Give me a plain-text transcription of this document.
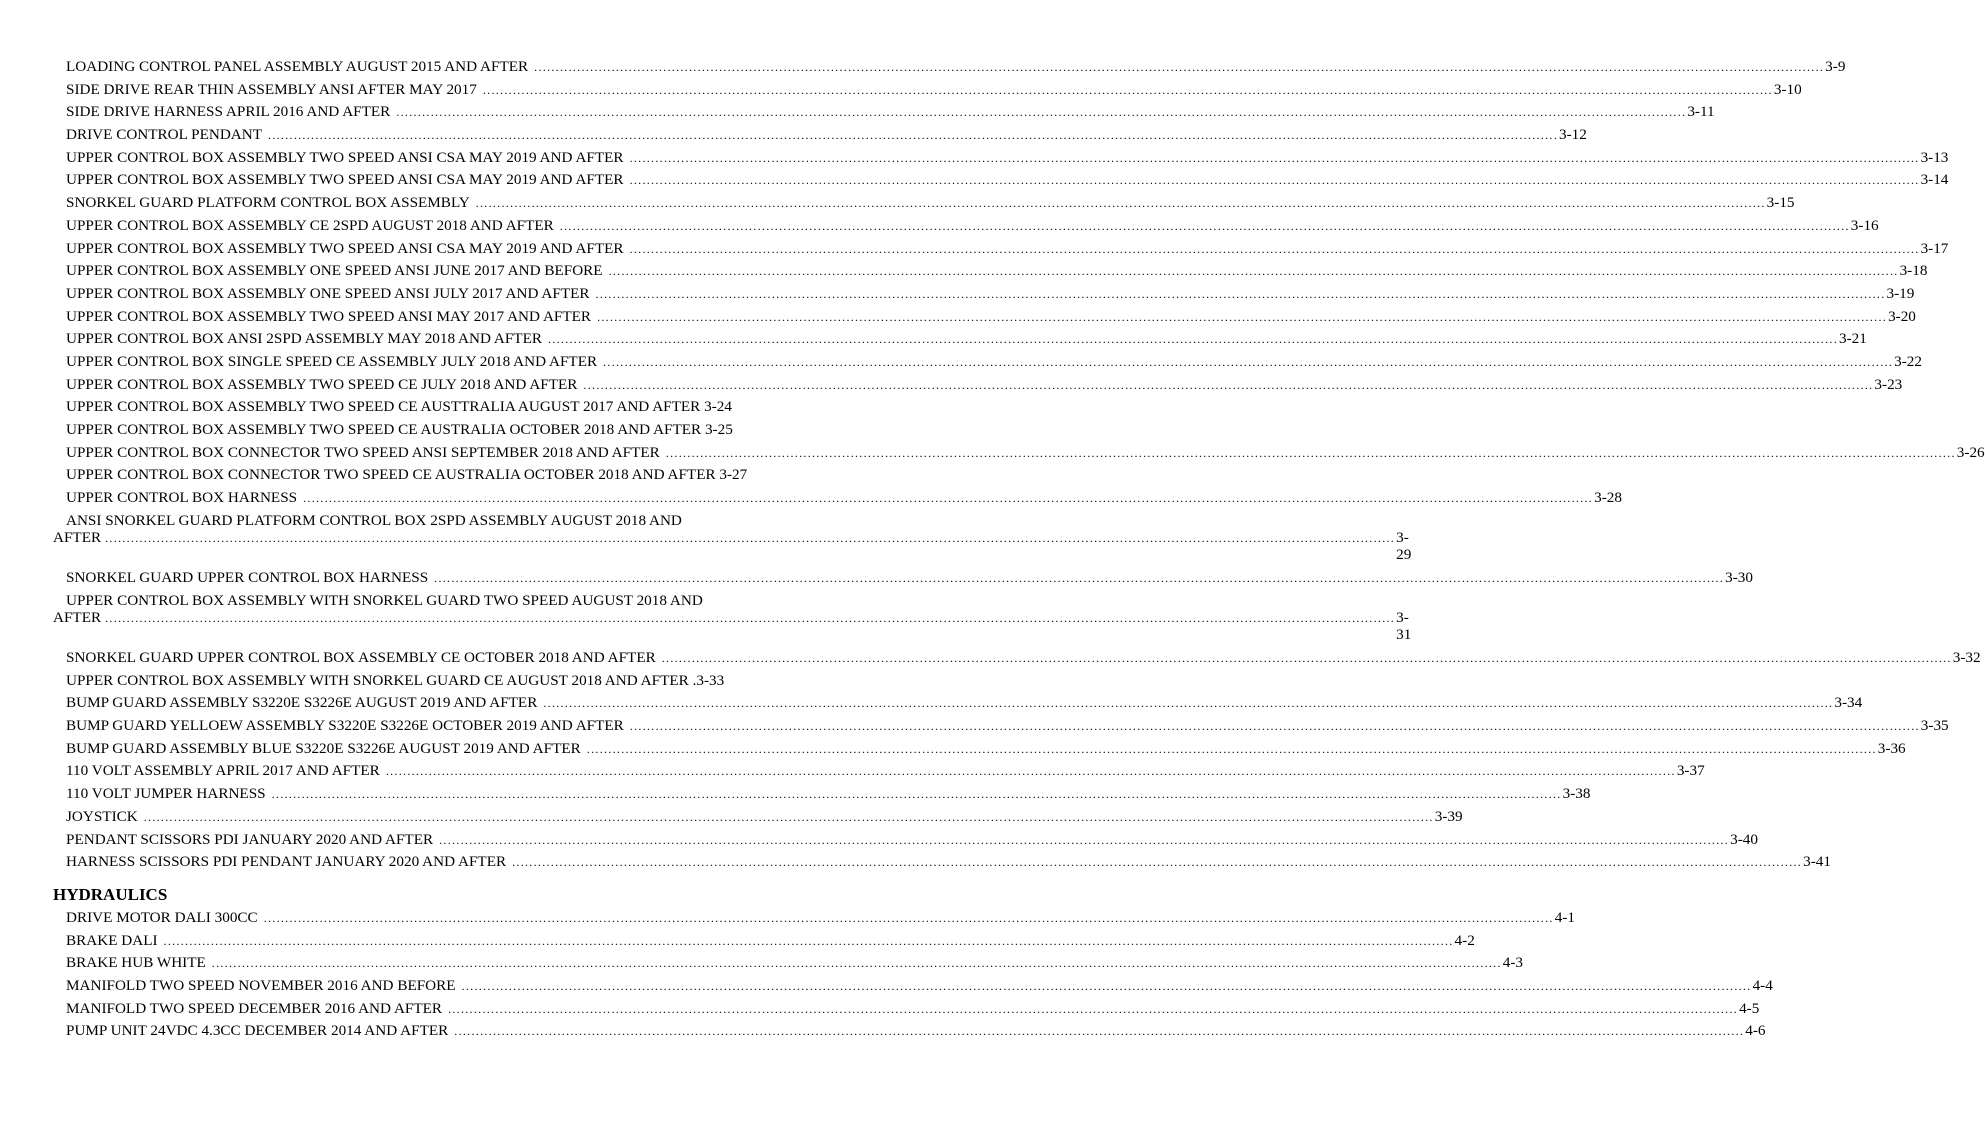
LOADING CONTROL PANEL ASSEMBLY AUGUST 2015 AND AFTER ............................................................................................................................................................................................................................................................................................................ 3-9
SIDE DRIVE REAR THIN ASSEMBLY ANSI AFTER MAY 2017 ............................................................................................................................................................................................................................................................................................................ 3-10
SIDE DRIVE HARNESS APRIL 2016 AND AFTER ............................................................................................................................................................................................................................................................................................................ 3-11
DRIVE CONTROL PENDANT ............................................................................................................................................................................................................................................................................................................ 3-12
UPPER CONTROL BOX ASSEMBLY TWO SPEED ANSI CSA MAY 2019 AND AFTER ............................................................................................................................................................................................................................................................................................................ 3-13
UPPER CONTROL BOX ASSEMBLY TWO SPEED ANSI CSA MAY 2019 AND AFTER ............................................................................................................................................................................................................................................................................................................ 3-14
SNORKEL GUARD PLATFORM CONTROL BOX ASSEMBLY ............................................................................................................................................................................................................................................................................................................ 3-15
UPPER CONTROL BOX ASSEMBLY CE 2SPD AUGUST 2018 AND AFTER ............................................................................................................................................................................................................................................................................................................ 3-16
UPPER CONTROL BOX ASSEMBLY TWO SPEED ANSI CSA MAY 2019 AND AFTER ............................................................................................................................................................................................................................................................................................................ 3-17
UPPER CONTROL BOX ASSEMBLY ONE SPEED ANSI JUNE 2017 AND BEFORE ............................................................................................................................................................................................................................................................................................................ 3-18
UPPER CONTROL BOX ASSEMBLY ONE SPEED ANSI JULY 2017 AND AFTER ............................................................................................................................................................................................................................................................................................................ 3-19
UPPER CONTROL BOX ASSEMBLY TWO SPEED ANSI MAY 2017 AND AFTER ............................................................................................................................................................................................................................................................................................................ 3-20
UPPER CONTROL BOX ANSI 2SPD ASSEMBLY MAY 2018 AND AFTER ............................................................................................................................................................................................................................................................................................................ 3-21
UPPER CONTROL BOX SINGLE SPEED CE ASSEMBLY JULY 2018 AND AFTER ............................................................................................................................................................................................................................................................................................................ 3-22
UPPER CONTROL BOX ASSEMBLY TWO SPEED CE JULY 2018 AND AFTER ............................................................................................................................................................................................................................................................................................................ 3-23
UPPER CONTROL BOX ASSEMBLY TWO SPEED CE AUSTTRALIA AUGUST 2017 AND AFTER 3-24
UPPER CONTROL BOX ASSEMBLY TWO SPEED CE AUSTRALIA OCTOBER 2018 AND AFTER 3-25
UPPER CONTROL BOX CONNECTOR TWO SPEED ANSI SEPTEMBER 2018 AND AFTER ............................................................................................................................................................................................................................................................................................................ 3-26
UPPER CONTROL BOX CONNECTOR TWO SPEED CE AUSTRALIA OCTOBER 2018 AND AFTER 3-27
UPPER CONTROL BOX HARNESS ............................................................................................................................................................................................................................................................................................................ 3-28
ANSI SNORKEL GUARD PLATFORM CONTROL BOX 2SPD ASSEMBLY AUGUST 2018 AND
AFTER ............................................................................................................................................................................................................................................................................................................ 3-29
SNORKEL GUARD UPPER CONTROL BOX HARNESS ............................................................................................................................................................................................................................................................................................................ 3-30
UPPER CONTROL BOX ASSEMBLY WITH SNORKEL GUARD TWO SPEED AUGUST 2018 AND
AFTER ............................................................................................................................................................................................................................................................................................................ 3-31
SNORKEL GUARD UPPER CONTROL BOX ASSEMBLY CE OCTOBER 2018 AND AFTER ............................................................................................................................................................................................................................................................................................................ 3-32
UPPER CONTROL BOX ASSEMBLY WITH SNORKEL GUARD CE AUGUST 2018 AND AFTER .3-33
BUMP GUARD ASSEMBLY S3220E S3226E AUGUST 2019 AND AFTER ............................................................................................................................................................................................................................................................................................................ 3-34
BUMP GUARD YELLOEW ASSEMBLY S3220E S3226E OCTOBER 2019 AND AFTER ............................................................................................................................................................................................................................................................................................................ 3-35
BUMP GUARD ASSEMBLY BLUE S3220E S3226E AUGUST 2019 AND AFTER ............................................................................................................................................................................................................................................................................................................ 3-36
110 VOLT ASSEMBLY APRIL 2017 AND AFTER ............................................................................................................................................................................................................................................................................................................ 3-37
110 VOLT JUMPER HARNESS ............................................................................................................................................................................................................................................................................................................ 3-38
JOYSTICK ............................................................................................................................................................................................................................................................................................................ 3-39
PENDANT SCISSORS PDI JANUARY 2020 AND AFTER ............................................................................................................................................................................................................................................................................................................ 3-40
HARNESS SCISSORS PDI PENDANT JANUARY 2020 AND AFTER ............................................................................................................................................................................................................................................................................................................ 3-41
HYDRAULICS
DRIVE MOTOR DALI 300CC ............................................................................................................................................................................................................................................................................................................ 4-1
BRAKE DALI ............................................................................................................................................................................................................................................................................................................ 4-2
BRAKE HUB WHITE ............................................................................................................................................................................................................................................................................................................ 4-3
MANIFOLD TWO SPEED NOVEMBER 2016 AND BEFORE ............................................................................................................................................................................................................................................................................................................ 4-4
MANIFOLD TWO SPEED DECEMBER 2016 AND AFTER ............................................................................................................................................................................................................................................................................................................ 4-5
PUMP UNIT 24VDC 4.3CC DECEMBER 2014 AND AFTER ............................................................................................................................................................................................................................................................................................................ 4-6
